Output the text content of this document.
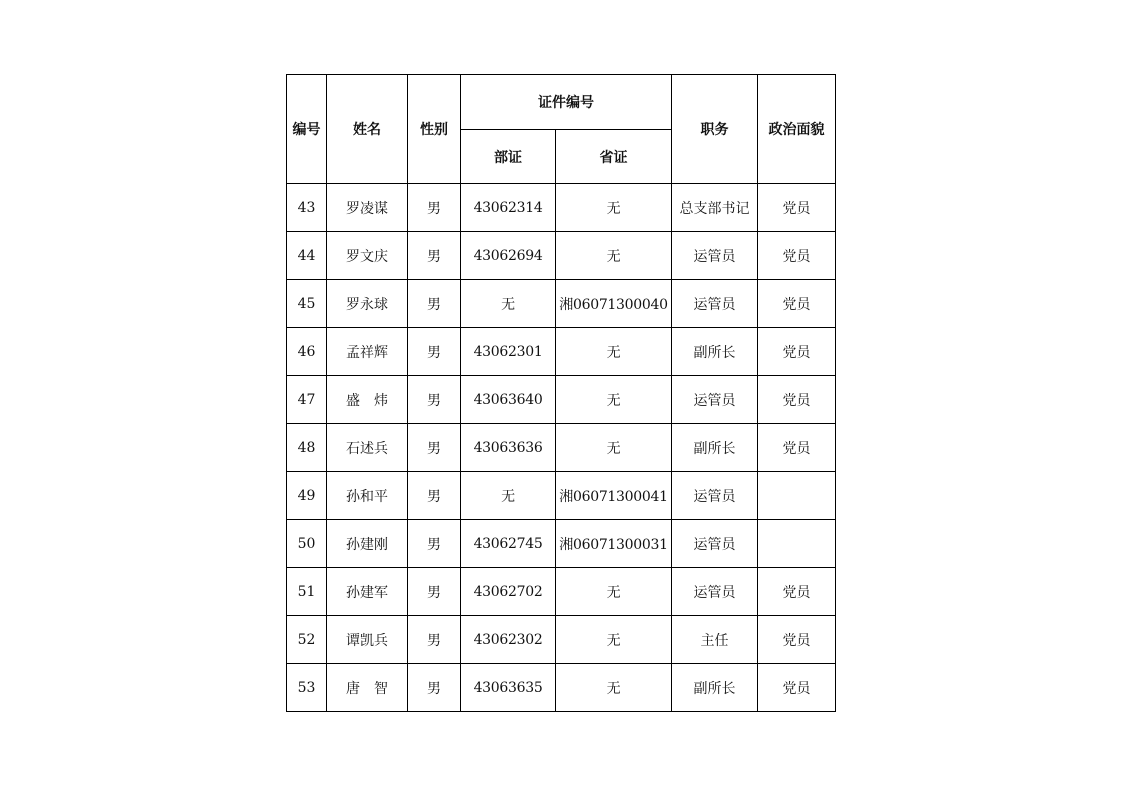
编号	姓名	性别	证件编号		职务	政治面貌
			部证	省证		
43	罗凌谋	男	43062314	无	总支部书记	党员
44	罗文庆	男	43062694	无	运管员	党员
45	罗永球	男	无	湘06071300040	运管员	党员
46	孟祥辉	男	43062301	无	副所长	党员
47	盛　炜	男	43063640	无	运管员	党员
48	石述兵	男	43063636	无	副所长	党员
49	孙和平	男	无	湘06071300041	运管员	
50	孙建刚	男	43062745	湘06071300031	运管员	
51	孙建军	男	43062702	无	运管员	党员
52	谭凯兵	男	43062302	无	主任	党员
53	唐　智	男	43063635	无	副所长	党员
